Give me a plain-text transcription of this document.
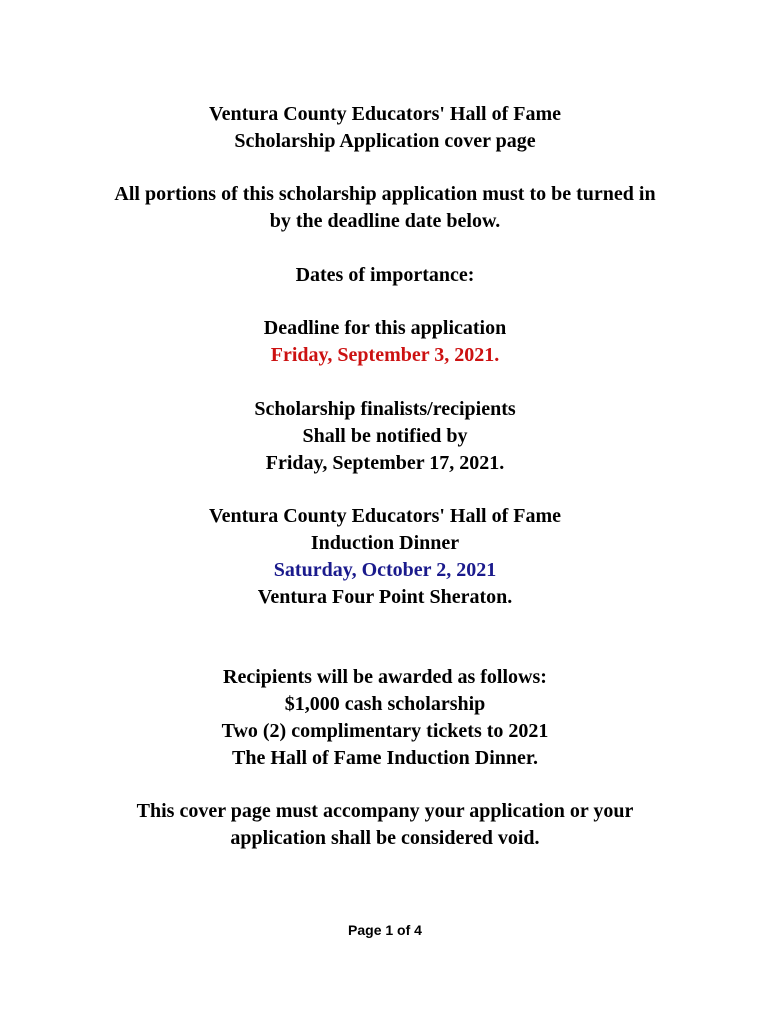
Ventura County Educators' Hall of Fame
Scholarship Application cover page
All portions of this scholarship application must to be turned in
by the deadline date below.
Dates of importance:
Deadline for this application
Friday, September 3, 2021.
Scholarship finalists/recipients
Shall be notified by
Friday, September 17, 2021.
Ventura County Educators' Hall of Fame
Induction Dinner
Saturday, October 2, 2021
Ventura Four Point Sheraton.
Recipients will be awarded as follows:
$1,000 cash scholarship
Two (2) complimentary tickets to 2021
The Hall of Fame Induction Dinner.
This cover page must accompany your application or your
application shall be considered void.
Page 1 of 4
